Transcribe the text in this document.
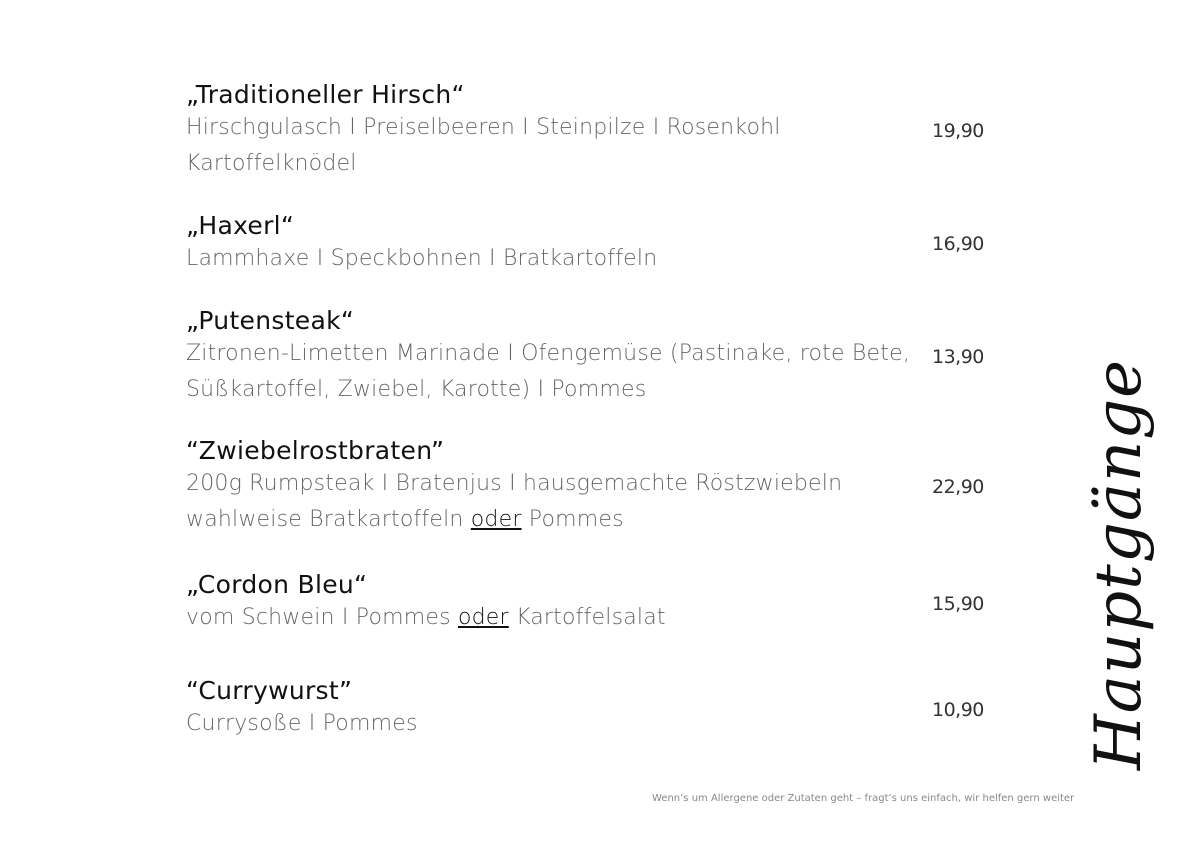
„Traditioneller Hirsch“
Hirschgulasch I Preiselbeeren I Steinpilze I Rosenkohl
Kartoffelknödel
19,90
„Haxerl“
Lammhaxe I Speckbohnen I Bratkartoffeln
16,90
„Putensteak“
Zitronen-Limetten Marinade I Ofengemüse (Pastinake, rote Bete,
Süßkartoffel, Zwiebel, Karotte) I Pommes
13,90
“Zwiebelrostbraten”
200g Rumpsteak I Bratenjus I hausgemachte Röstzwiebeln
wahlweise Bratkartoffeln oder Pommes
22,90
„Cordon Bleu“
vom Schwein I Pommes oder Kartoffelsalat
15,90
“Currywurst”
Currysoße I Pommes
10,90	Hauptgänge
Wenn’s um Allergene oder Zutaten geht – fragt’s uns einfach, wir helfen gern weiter
